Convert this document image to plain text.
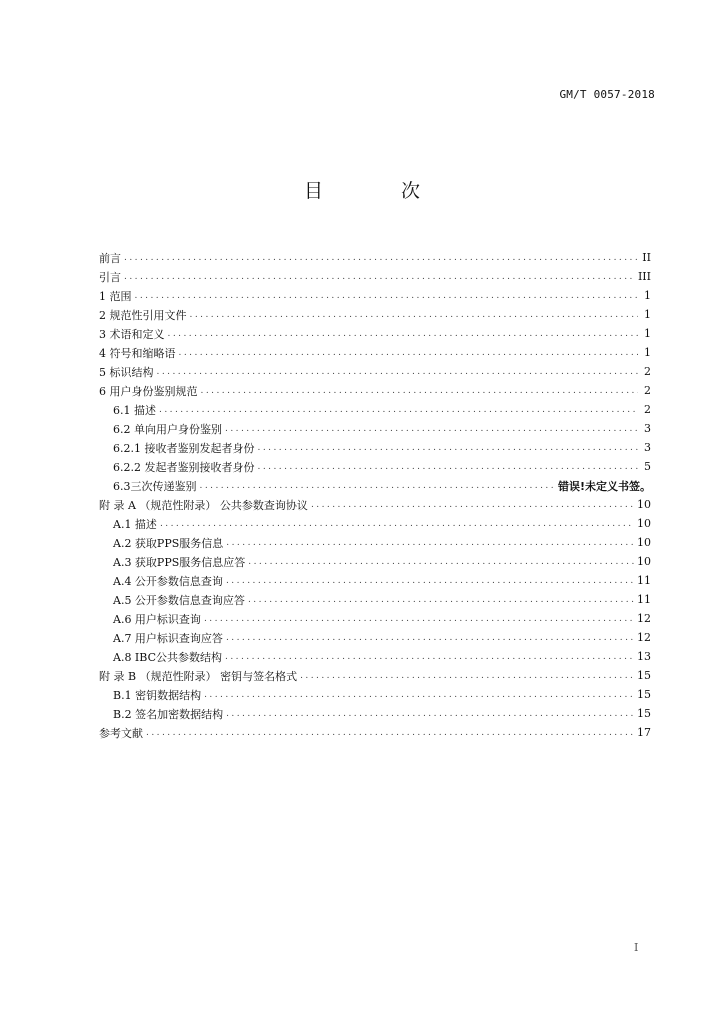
GM/T 0057-2018
目 次
前言 . . .	II
引言 . . .	III
1 范围 . . .	1
2 规范性引用文件 . . .	1
3 术语和定义 . . .	1
4 符号和缩略语 . . .	1
5 标识结构 . . .	2
6 用户身份鉴别规范 . . .	2
6.1 描述 . . .	2
6.2 单向用户身份鉴别 . . .	3
6.2.1 接收者鉴别发起者身份 . . .	3
6.2.2 发起者鉴别接收者身份 . . .	5
6.3三次传递鉴别 . . .	错误!未定义书签。
附 录 A （规范性附录） 公共参数查询协议 . . .	10
A.1 描述 . . .	10
A.2 获取PPS服务信息 . . .	10
A.3 获取PPS服务信息应答 . . .	10
A.4 公开参数信息查询 . . .	11
A.5 公开参数信息查询应答 . . .	11
A.6 用户标识查询 . . .	12
A.7 用户标识查询应答 . . .	12
A.8 IBC公共参数结构 . . .	13
附 录 B （规范性附录） 密钥与签名格式 . . .	15
B.1 密钥数据结构 . . .	15
B.2 签名加密数据结构 . . .	15
参考文献 . . .	17
I
